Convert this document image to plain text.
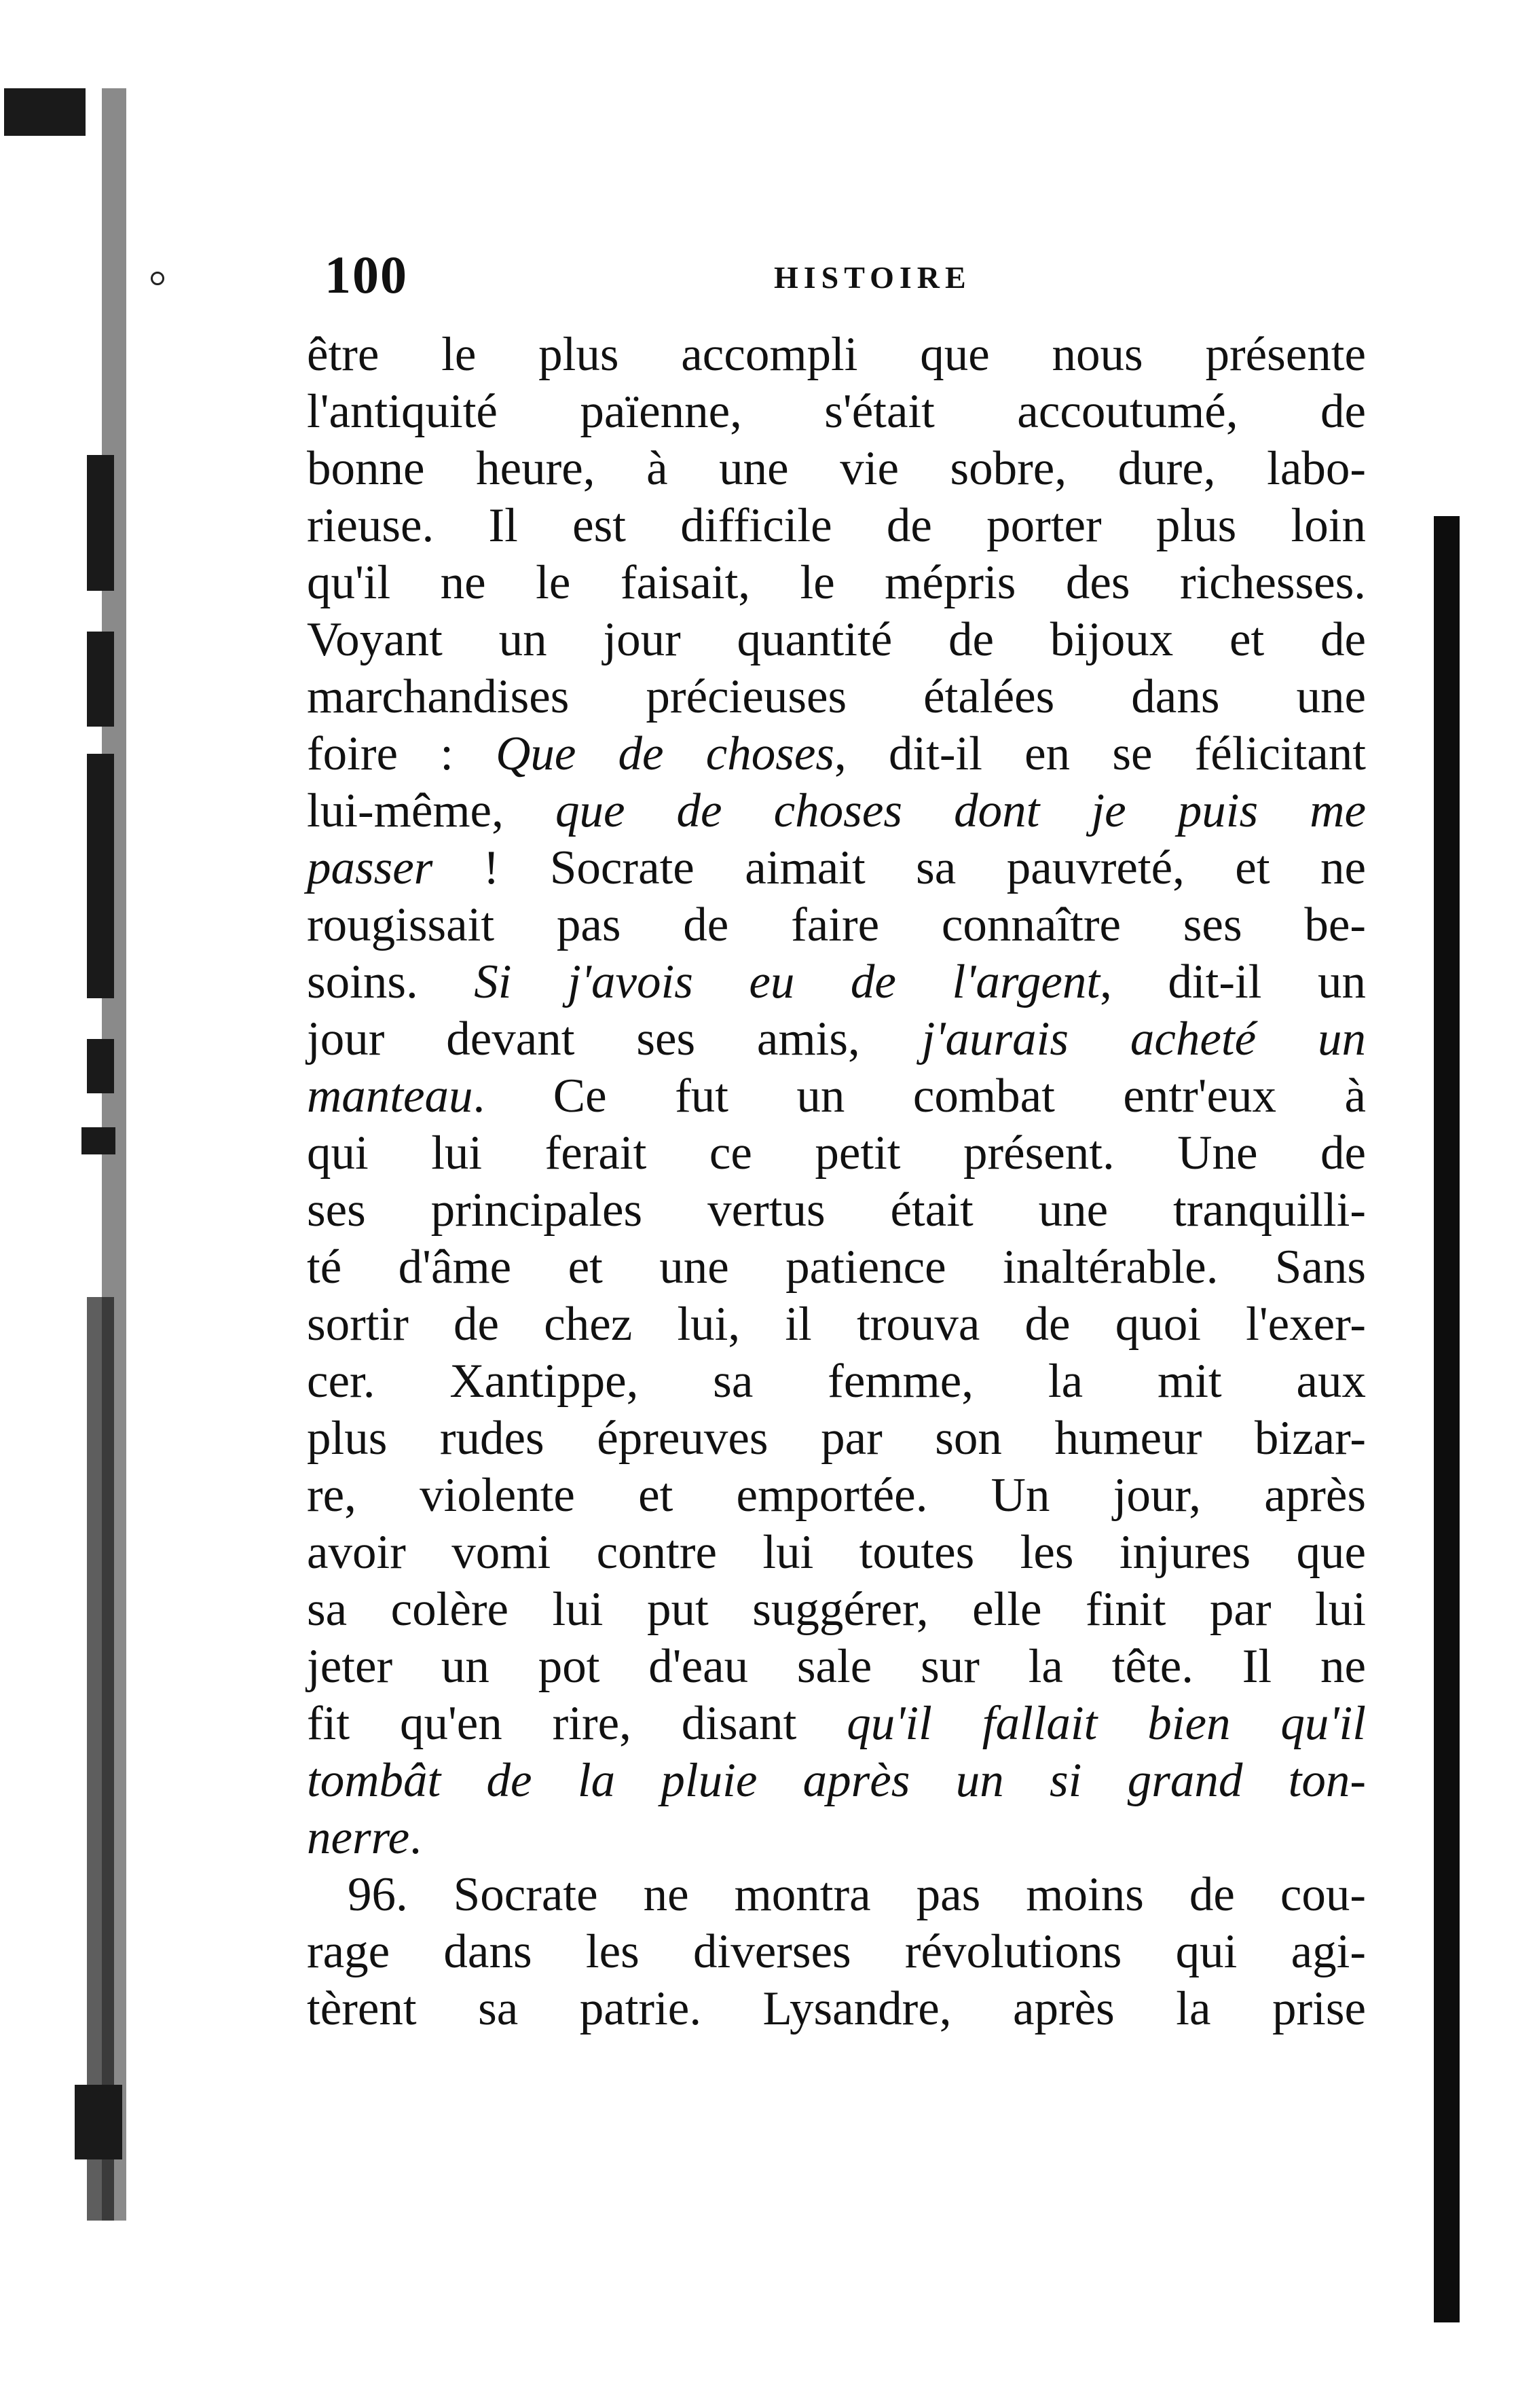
100	HISTOIRE
être le plus accompli que nous présente
l'antiquité païenne, s'était accoutumé, de
bonne heure, à une vie sobre, dure, labo-
rieuse. Il est difficile de porter plus loin
qu'il ne le faisait, le mépris des richesses.
Voyant un jour quantité de bijoux et de
marchandises précieuses étalées dans une
foire : Que de choses, dit-il en se félicitant
lui-même, que de choses dont je puis me
passer ! Socrate aimait sa pauvreté, et ne
rougissait pas de faire connaître ses be-
soins. Si j'avois eu de l'argent, dit-il un
jour devant ses amis, j'aurais acheté un
manteau. Ce fut un combat entr'eux à
qui lui ferait ce petit présent. Une de
ses principales vertus était une tranquilli-
té d'âme et une patience inaltérable. Sans
sortir de chez lui, il trouva de quoi l'exer-
cer. Xantippe, sa femme, la mit aux
plus rudes épreuves par son humeur bizar-
re, violente et emportée. Un jour, après
avoir vomi contre lui toutes les injures que
sa colère lui put suggérer, elle finit par lui
jeter un pot d'eau sale sur la tête. Il ne
fit qu'en rire, disant qu'il fallait bien qu'il
tombât de la pluie après un si grand ton-
nerre.
96. Socrate ne montra pas moins de cou-
rage dans les diverses révolutions qui agi-
tèrent sa patrie. Lysandre, après la prise
